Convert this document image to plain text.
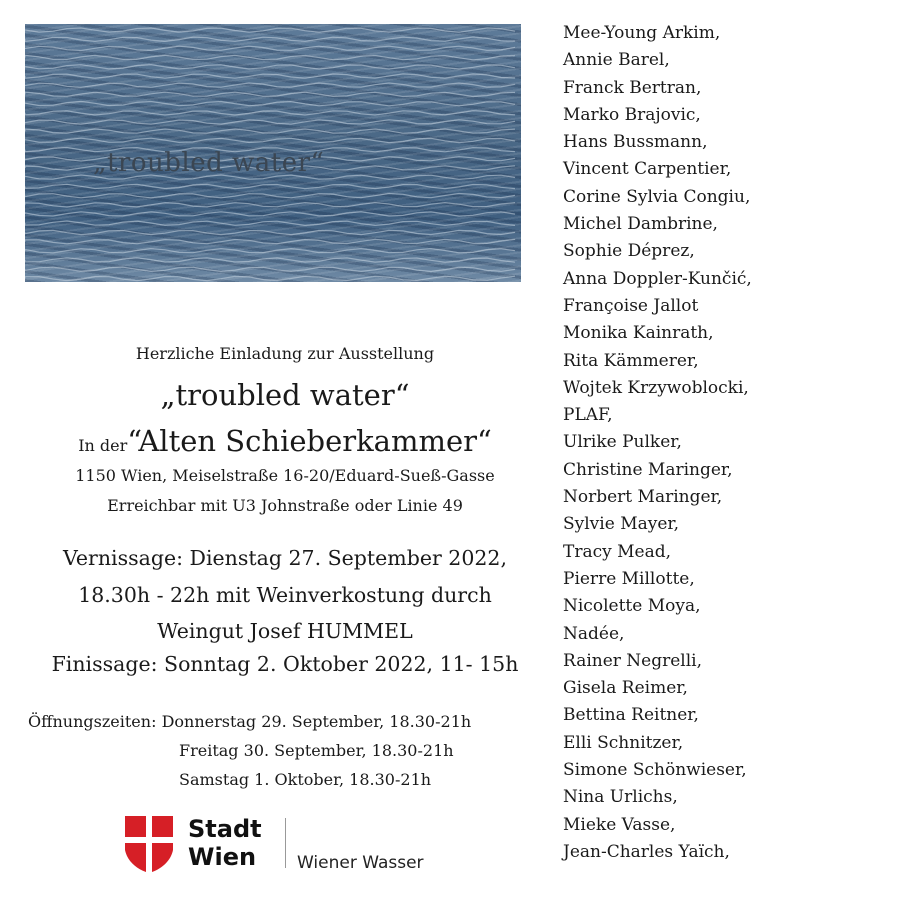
„troubled water“
Herzliche Einladung zur Ausstellung
„troubled water“
In der“Alten Schieberkammer“
1150 Wien, Meiselstraße 16-20/Eduard-Sueß-Gasse
Erreichbar mit U3 Johnstraße oder Linie 49
Vernissage: Dienstag 27. September 2022,
18.30h - 22h mit Weinverkostung durch
Weingut Josef HUMMEL
Finissage: Sonntag 2. Oktober 2022, 11- 15h
Öffnungszeiten: Donnerstag 29. September, 18.30-21h
Freitag 30. September, 18.30-21h
Samstag 1. Oktober, 18.30-21h
Stadt
Wien	Wiener Wasser
Mee-Young Arkim,
Annie Barel,
Franck Bertran,
Marko Brajovic,
Hans Bussmann,
Vincent Carpentier,
Corine Sylvia Congiu,
Michel Dambrine,
Sophie Déprez,
Anna Doppler-Kunčić,
Françoise Jallot
Monika Kainrath,
Rita Kämmerer,
Wojtek Krzywoblocki,
PLAF,
Ulrike Pulker,
Christine Maringer,
Norbert Maringer,
Sylvie Mayer,
Tracy Mead,
Pierre Millotte,
Nicolette Moya,
Nadée,
Rainer Negrelli,
Gisela Reimer,
Bettina Reitner,
Elli Schnitzer,
Simone Schönwieser,
Nina Urlichs,
Mieke Vasse,
Jean-Charles Yaïch,
